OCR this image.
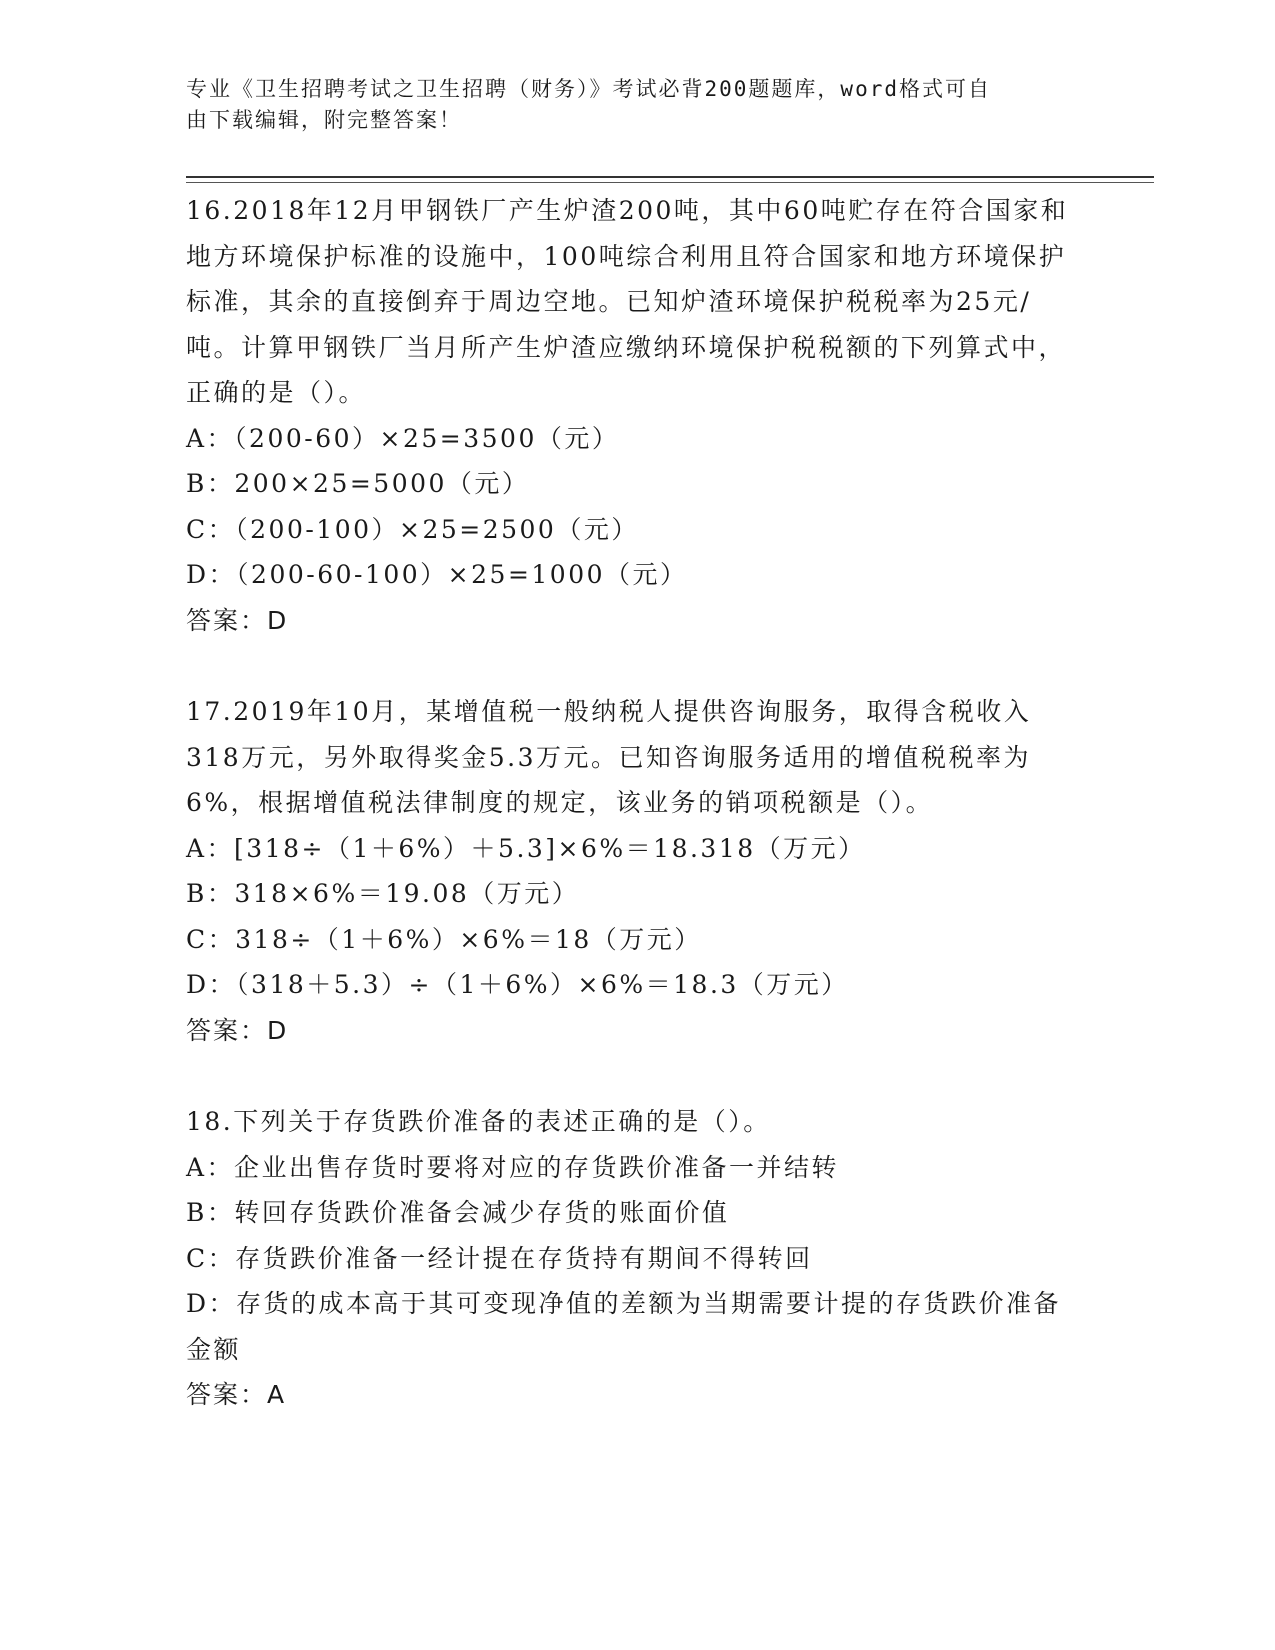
专业《卫生招聘考试之卫生招聘（财务）》考试必背200题题库，word格式可自
由下载编辑，附完整答案！

16.2018年12月甲钢铁厂产生炉渣200吨，其中60吨贮存在符合国家和地方环境保护标准的设施中，100吨综合利用且符合国家和地方环境保护标准，其余的直接倒弃于周边空地。已知炉渣环境保护税税率为25元/吨。计算甲钢铁厂当月所产生炉渣应缴纳环境保护税税额的下列算式中，正确的是（）。

A：（200-60）×25=3500（元）

B：200×25=5000（元）

C：（200-100）×25=2500（元）

D：（200-60-100）×25=1000（元）

答案：D

17.2019年10月，某增值税一般纳税人提供咨询服务，取得含税收入318万元，另外取得奖金5.3万元。已知咨询服务适用的增值税税率为6%，根据增值税法律制度的规定，该业务的销项税额是（）。

A：[318÷（1＋6%）＋5.3]×6%＝18.318（万元）

B：318×6%＝19.08（万元）

C：318÷（1＋6%）×6%＝18（万元）

D：（318＋5.3）÷（1＋6%）×6%＝18.3（万元）

答案：D

18.下列关于存货跌价准备的表述正确的是（）。

A：企业出售存货时要将对应的存货跌价准备一并结转

B：转回存货跌价准备会减少存货的账面价值

C：存货跌价准备一经计提在存货持有期间不得转回

D：存货的成本高于其可变现净值的差额为当期需要计提的存货跌价准备金额

答案：A
